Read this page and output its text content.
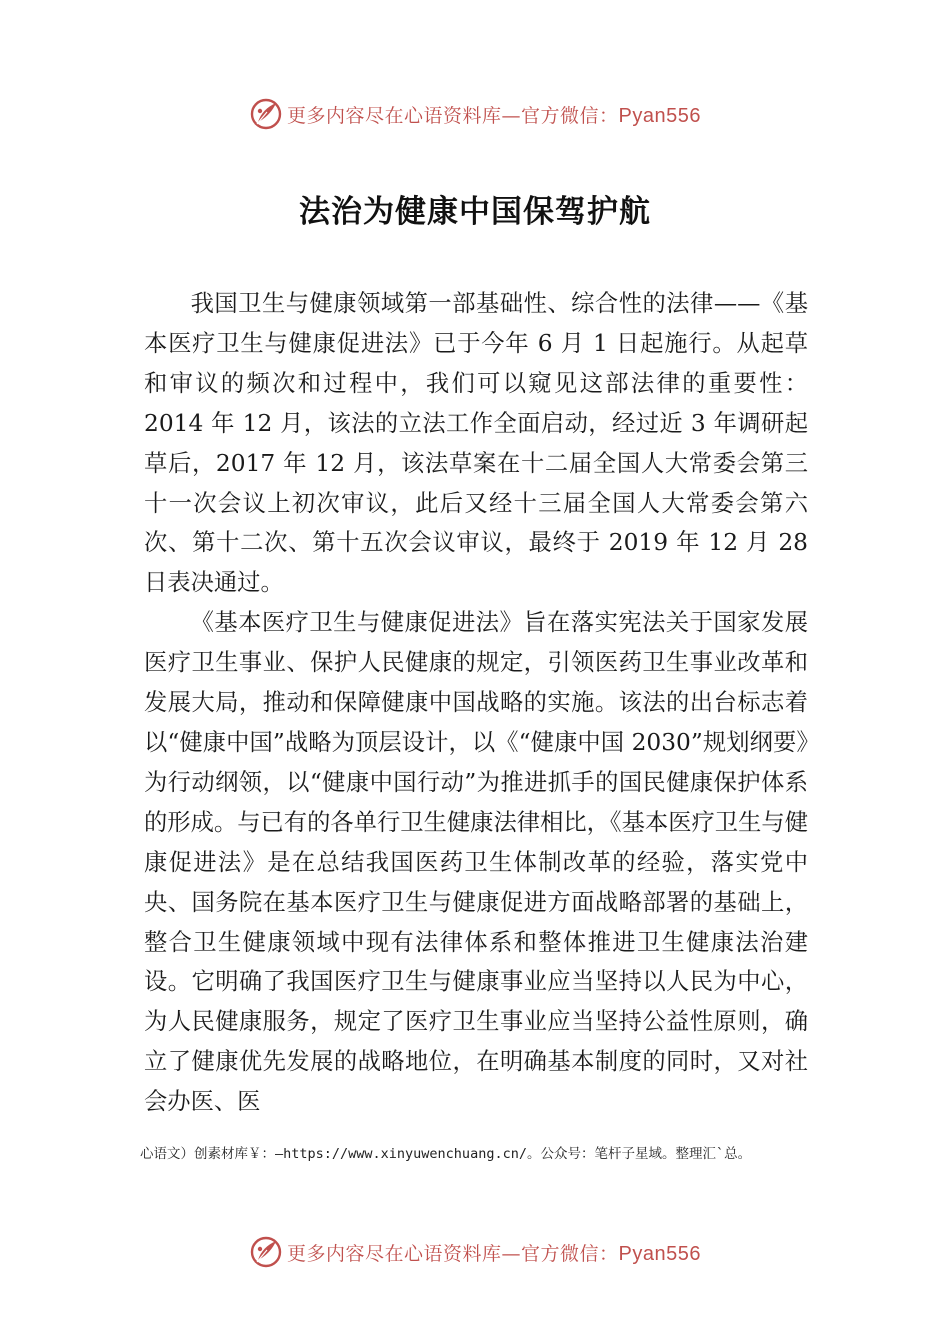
更多内容尽在心语资料库—官方微信：Pyan556
法治为健康中国保驾护航

我国卫生与健康领域第一部基础性、综合性的法律——《基本医疗卫生与健康促进法》已于今年 6 月 1 日起施行。从起草和审议的频次和过程中，我们可以窥见这部法律的重要性：2014 年 12 月，该法的立法工作全面启动，经过近 3 年调研起草后，2017 年 12 月，该法草案在十二届全国人大常委会第三十一次会议上初次审议，此后又经十三届全国人大常委会第六次、第十二次、第十五次会议审议，最终于 2019 年 12 月 28 日表决通过。

《基本医疗卫生与健康促进法》旨在落实宪法关于国家发展医疗卫生事业、保护人民健康的规定，引领医药卫生事业改革和发展大局，推动和保障健康中国战略的实施。该法的出台标志着以“健康中国”战略为顶层设计，以《“健康中国 2030”规划纲要》为行动纲领，以“健康中国行动”为推进抓手的国民健康保护体系的形成。与已有的各单行卫生健康法律相比，《基本医疗卫生与健康促进法》是在总结我国医药卫生体制改革的经验，落实党中央、国务院在基本医疗卫生与健康促进方面战略部署的基础上，整合卫生健康领域中现有法律体系和整体推进卫生健康法治建设。它明确了我国医疗卫生与健康事业应当坚持以人民为中心，为人民健康服务，规定了医疗卫生事业应当坚持公益性原则，确立了健康优先发展的战略地位，在明确基本制度的同时，又对社会办医、医

心语文）创素材库￥：—https://www.xinyuwenchuang.cn/。公众号：笔杆子星域。整理汇`总。
更多内容尽在心语资料库—官方微信：Pyan556
